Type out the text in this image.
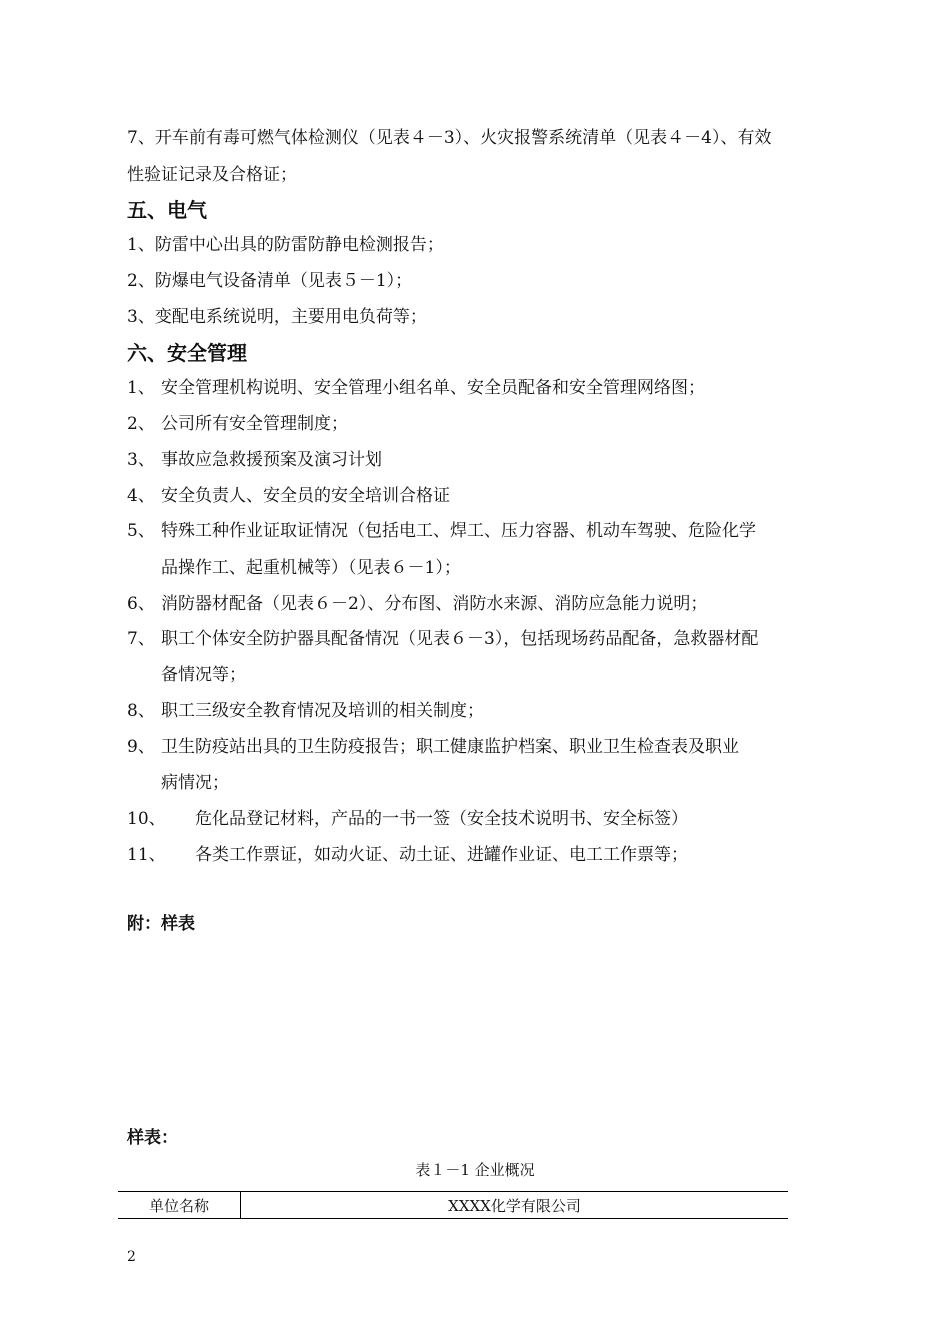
7、开车前有毒可燃气体检测仪（见表４－3）、火灾报警系统清单（见表４－4）、有效
性验证记录及合格证；
五、电气
1、防雷中心出具的防雷防静电检测报告；
2、防爆电气设备清单（见表５－1）；
3、变配电系统说明，主要用电负荷等；
六、安全管理
1、 安全管理机构说明、安全管理小组名单、安全员配备和安全管理网络图；
2、 公司所有安全管理制度；
3、 事故应急救援预案及演习计划
4、 安全负责人、安全员的安全培训合格证
5、 特殊工种作业证取证情况（包括电工、焊工、压力容器、机动车驾驶、危险化学
品操作工、起重机械等）（见表６－1）；
6、 消防器材配备（见表６－2）、分布图、消防水来源、消防应急能力说明；
7、 职工个体安全防护器具配备情况（见表６－3），包括现场药品配备，急救器材配
备情况等；
8、 职工三级安全教育情况及培训的相关制度；
9、 卫生防疫站出具的卫生防疫报告；职工健康监护档案、职业卫生检查表及职业
病情况；
10、 危化品登记材料，产品的一书一签（安全技术说明书、安全标签）
11、 各类工作票证，如动火证、动土证、进罐作业证、电工工作票等；
附：样表
样表：
表１－1 企业概况
单位名称	XXXX化学有限公司
2
